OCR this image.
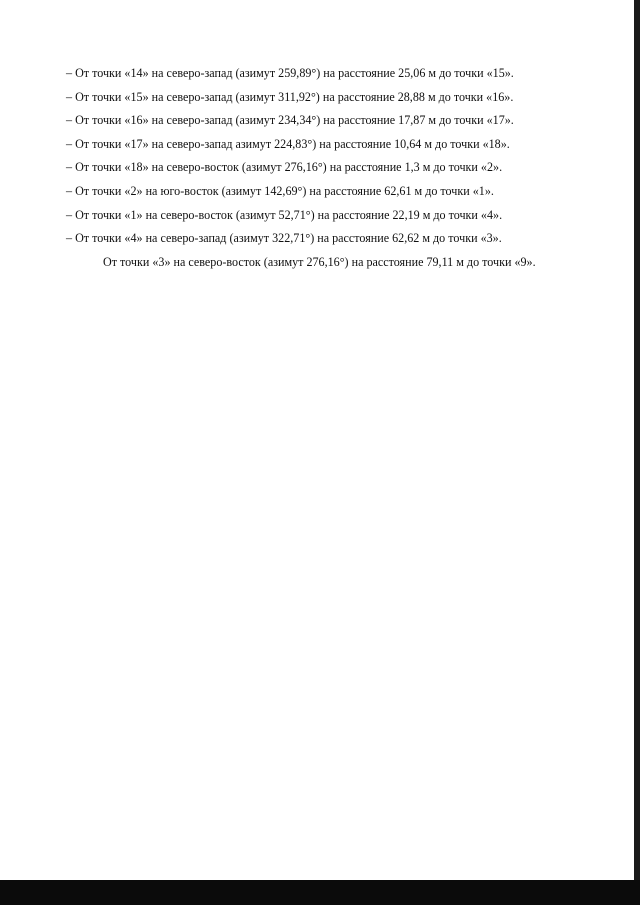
– От точки «14» на северо-запад (азимут 259,89°) на расстояние 25,06 м до точки «15».

– От точки «15» на северо-запад (азимут 311,92°) на расстояние 28,88 м до точки «16».

– От точки «16» на северо-запад (азимут 234,34°) на расстояние 17,87 м до точки «17».

– От точки «17» на северо-запад азимут 224,83°) на расстояние 10,64 м до точки «18».

– От точки «18» на северо-восток (азимут 276,16°) на расстояние 1,3 м до точки «2».

– От точки «2» на юго-восток (азимут 142,69°) на расстояние 62,61 м до точки «1».

– От точки «1» на северо-восток (азимут 52,71°) на расстояние 22,19 м до точки «4».

– От точки «4» на северо-запад (азимут 322,71°) на расстояние 62,62 м до точки «3».

От точки «3» на северо-восток (азимут 276,16°) на расстояние 79,11 м до точки «9».
